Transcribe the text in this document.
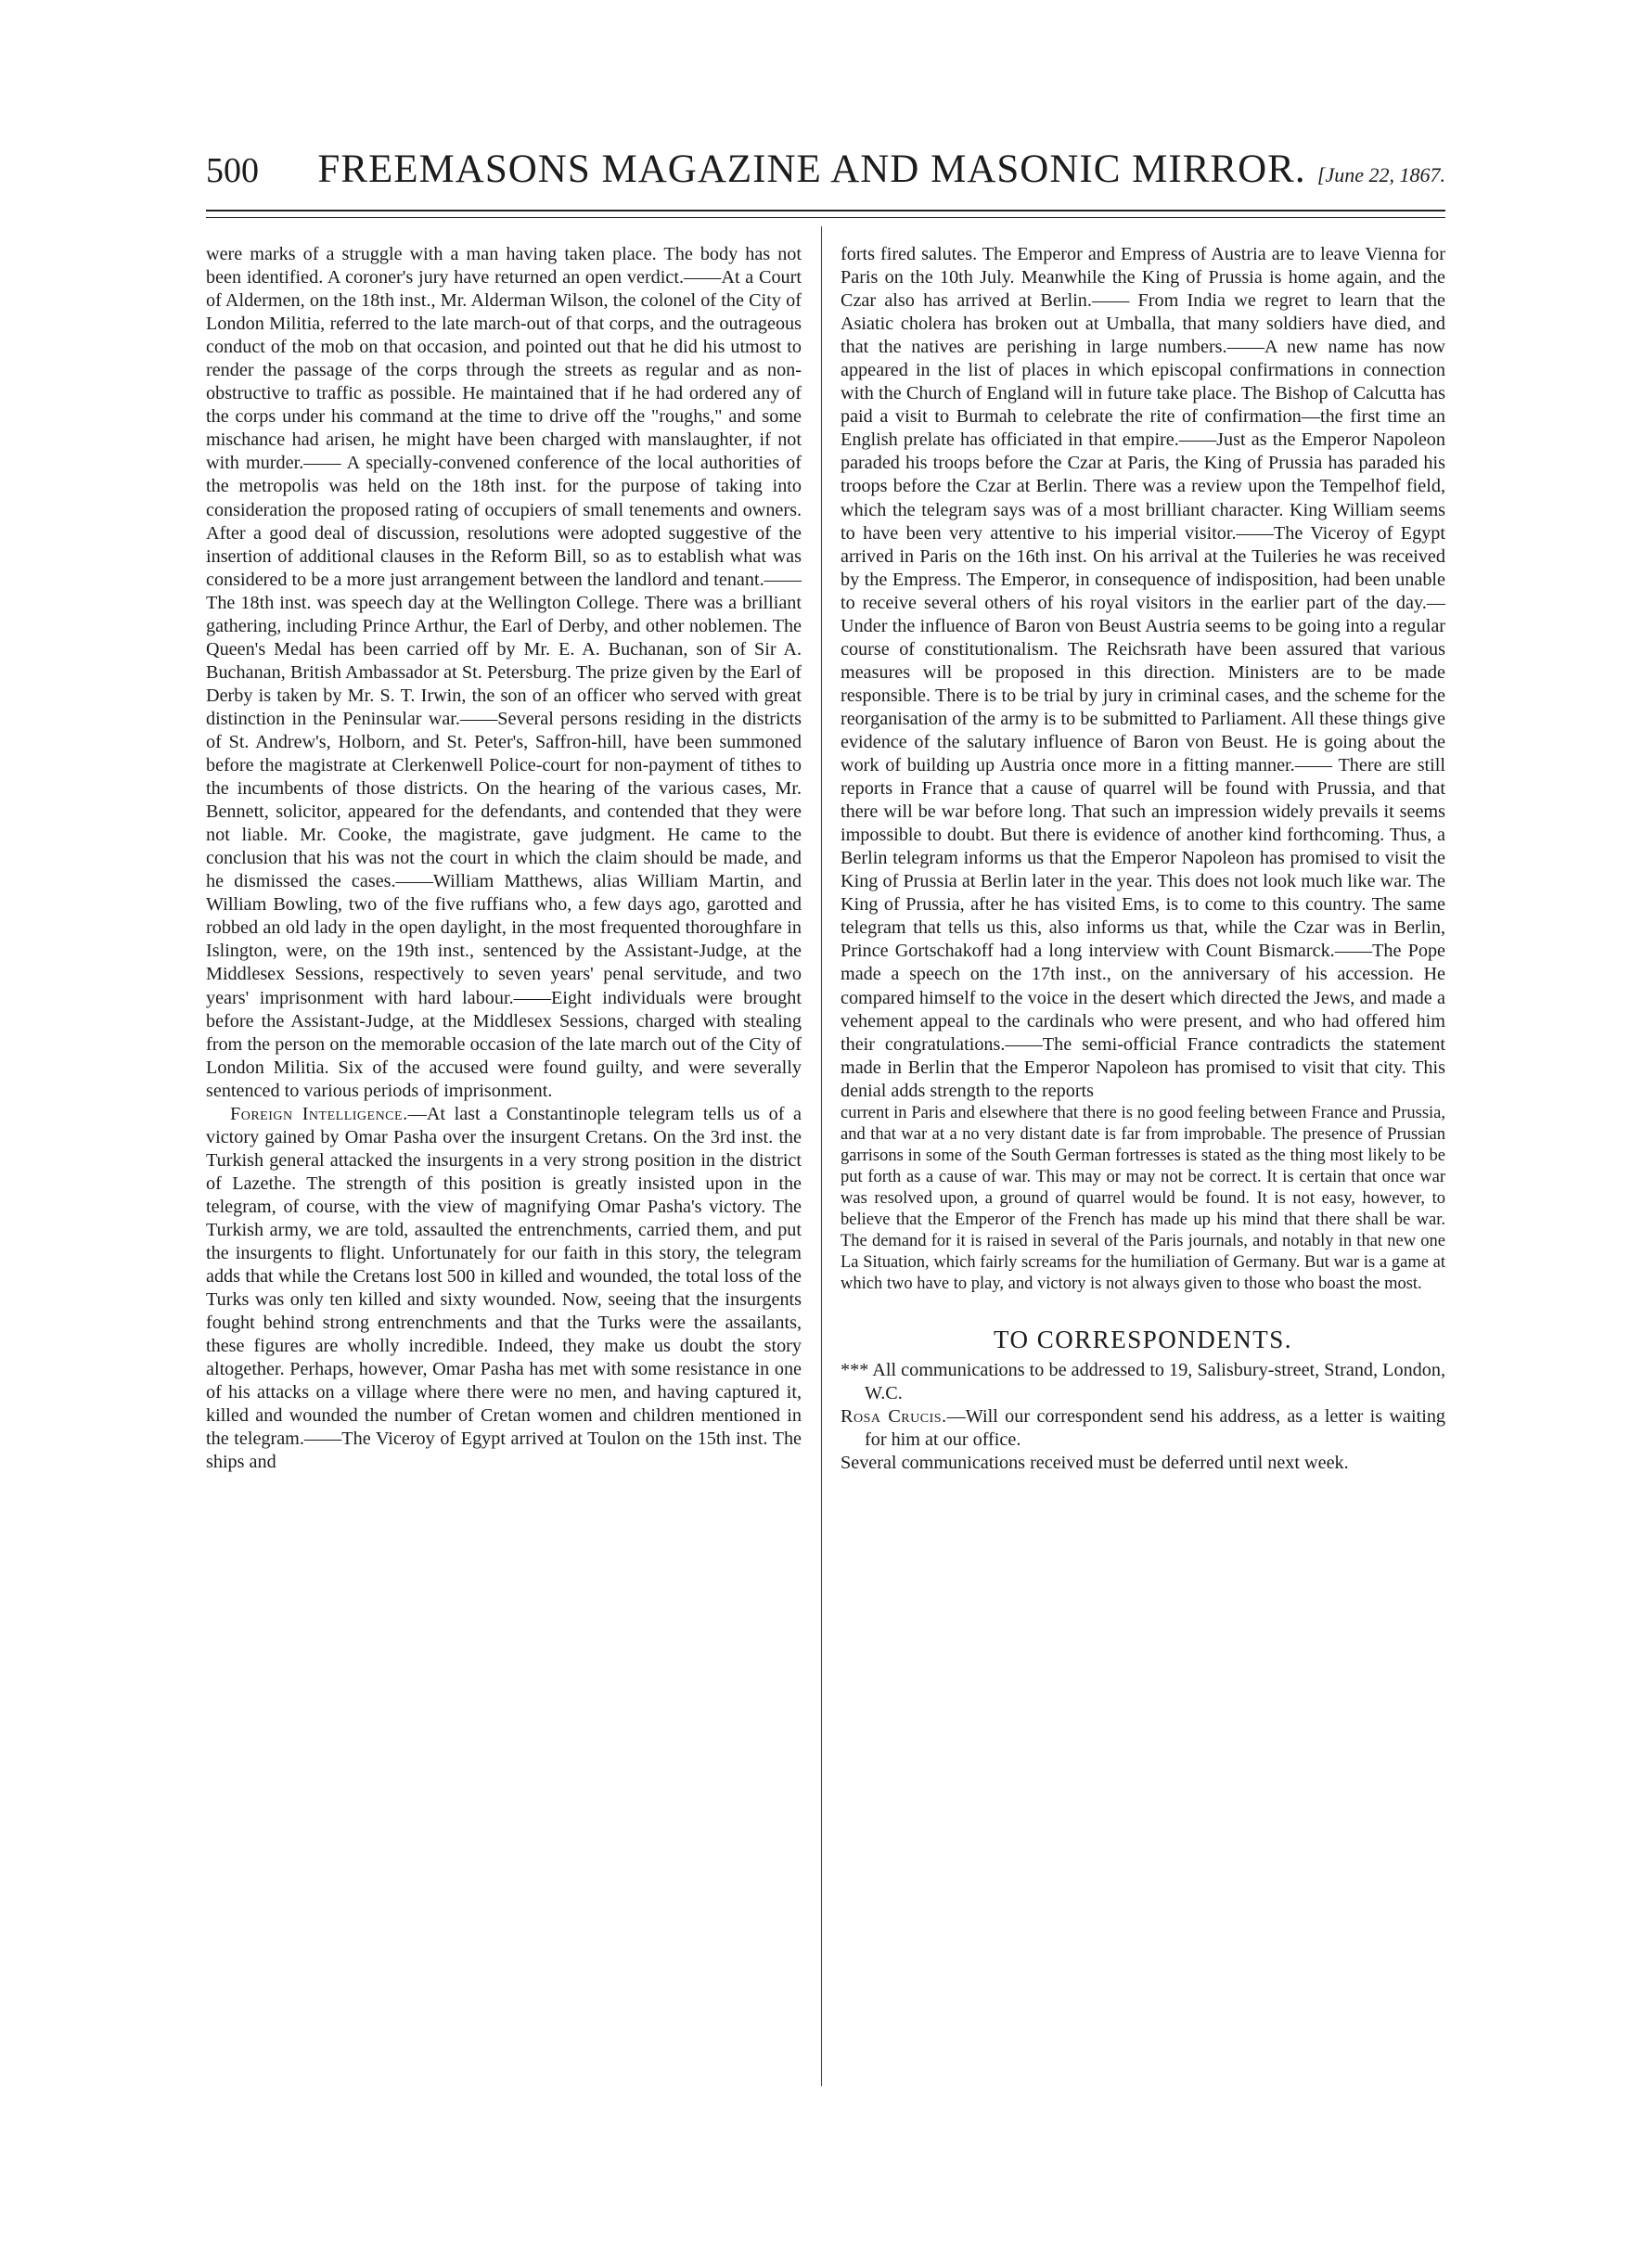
500	FREEMASONS MAGAZINE AND MASONIC MIRROR. [June 22, 1867.

were marks of a struggle with a man having taken place. The body has not been identified. A coroner's jury have returned an open verdict.——At a Court of Aldermen, on the 18th inst., Mr. Alderman Wilson, the colonel of the City of London Militia, referred to the late march-out of that corps, and the outrageous conduct of the mob on that occasion, and pointed out that he did his utmost to render the passage of the corps through the streets as regular and as non-obstructive to traffic as possible. He maintained that if he had ordered any of the corps under his command at the time to drive off the "roughs," and some mischance had arisen, he might have been charged with manslaughter, if not with murder.—— A specially-convened conference of the local authorities of the metropolis was held on the 18th inst. for the purpose of taking into consideration the proposed rating of occupiers of small tenements and owners. After a good deal of discussion, resolutions were adopted suggestive of the insertion of additional clauses in the Reform Bill, so as to establish what was considered to be a more just arrangement between the landlord and tenant.——The 18th inst. was speech day at the Wellington College. There was a brilliant gathering, including Prince Arthur, the Earl of Derby, and other noblemen. The Queen's Medal has been carried off by Mr. E. A. Buchanan, son of Sir A. Buchanan, British Ambassador at St. Petersburg. The prize given by the Earl of Derby is taken by Mr. S. T. Irwin, the son of an officer who served with great distinction in the Peninsular war.——Several persons residing in the districts of St. Andrew's, Holborn, and St. Peter's, Saffron-hill, have been summoned before the magistrate at Clerkenwell Police-court for non-payment of tithes to the incumbents of those districts. On the hearing of the various cases, Mr. Bennett, solicitor, appeared for the defendants, and contended that they were not liable. Mr. Cooke, the magistrate, gave judgment. He came to the conclusion that his was not the court in which the claim should be made, and he dismissed the cases.——William Matthews, alias William Martin, and William Bowling, two of the five ruffians who, a few days ago, garotted and robbed an old lady in the open daylight, in the most frequented thoroughfare in Islington, were, on the 19th inst., sentenced by the Assistant-Judge, at the Middlesex Sessions, respectively to seven years' penal servitude, and two years' imprisonment with hard labour.——Eight individuals were brought before the Assistant-Judge, at the Middlesex Sessions, charged with stealing from the person on the memorable occasion of the late march out of the City of London Militia. Six of the accused were found guilty, and were severally sentenced to various periods of imprisonment.

Foreign Intelligence.—At last a Constantinople telegram tells us of a victory gained by Omar Pasha over the insurgent Cretans. On the 3rd inst. the Turkish general attacked the insurgents in a very strong position in the district of Lazethe. The strength of this position is greatly insisted upon in the telegram, of course, with the view of magnifying Omar Pasha's victory. The Turkish army, we are told, assaulted the entrenchments, carried them, and put the insurgents to flight. Unfortunately for our faith in this story, the telegram adds that while the Cretans lost 500 in killed and wounded, the total loss of the Turks was only ten killed and sixty wounded. Now, seeing that the insurgents fought behind strong entrenchments and that the Turks were the assailants, these figures are wholly incredible. Indeed, they make us doubt the story altogether. Perhaps, however, Omar Pasha has met with some resistance in one of his attacks on a village where there were no men, and having captured it, killed and wounded the number of Cretan women and children mentioned in the telegram.——The Viceroy of Egypt arrived at Toulon on the 15th inst. The ships and

forts fired salutes. The Emperor and Empress of Austria are to leave Vienna for Paris on the 10th July. Meanwhile the King of Prussia is home again, and the Czar also has arrived at Berlin.—— From India we regret to learn that the Asiatic cholera has broken out at Umballa, that many soldiers have died, and that the natives are perishing in large numbers.——A new name has now appeared in the list of places in which episcopal confirmations in connection with the Church of England will in future take place. The Bishop of Calcutta has paid a visit to Burmah to celebrate the rite of confirmation—the first time an English prelate has officiated in that empire.——Just as the Emperor Napoleon paraded his troops before the Czar at Paris, the King of Prussia has paraded his troops before the Czar at Berlin. There was a review upon the Tempelhof field, which the telegram says was of a most brilliant character. King William seems to have been very attentive to his imperial visitor.——The Viceroy of Egypt arrived in Paris on the 16th inst. On his arrival at the Tuileries he was received by the Empress. The Emperor, in consequence of indisposition, had been unable to receive several others of his royal visitors in the earlier part of the day.—Under the influence of Baron von Beust Austria seems to be going into a regular course of constitutionalism. The Reichsrath have been assured that various measures will be proposed in this direction. Ministers are to be made responsible. There is to be trial by jury in criminal cases, and the scheme for the reorganisation of the army is to be submitted to Parliament. All these things give evidence of the salutary influence of Baron von Beust. He is going about the work of building up Austria once more in a fitting manner.—— There are still reports in France that a cause of quarrel will be found with Prussia, and that there will be war before long. That such an impression widely prevails it seems impossible to doubt. But there is evidence of another kind forthcoming. Thus, a Berlin telegram informs us that the Emperor Napoleon has promised to visit the King of Prussia at Berlin later in the year. This does not look much like war. The King of Prussia, after he has visited Ems, is to come to this country. The same telegram that tells us this, also informs us that, while the Czar was in Berlin, Prince Gortschakoff had a long interview with Count Bismarck.——The Pope made a speech on the 17th inst., on the anniversary of his accession. He compared himself to the voice in the desert which directed the Jews, and made a vehement appeal to the cardinals who were present, and who had offered him their congratulations.——The semi-official France contradicts the statement made in Berlin that the Emperor Napoleon has promised to visit that city. This denial adds strength to the reports

current in Paris and elsewhere that there is no good feeling between France and Prussia, and that war at a no very distant date is far from improbable. The presence of Prussian garrisons in some of the South German fortresses is stated as the thing most likely to be put forth as a cause of war. This may or may not be correct. It is certain that once war was resolved upon, a ground of quarrel would be found. It is not easy, however, to believe that the Emperor of the French has made up his mind that there shall be war. The demand for it is raised in several of the Paris journals, and notably in that new one La Situation, which fairly screams for the humiliation of Germany. But war is a game at which two have to play, and victory is not always given to those who boast the most.

TO CORRESPONDENTS.

*** All communications to be addressed to 19, Salisbury-street, Strand, London, W.C.

Rosa Crucis.—Will our correspondent send his address, as a letter is waiting for him at our office.

Several communications received must be deferred until next week.
